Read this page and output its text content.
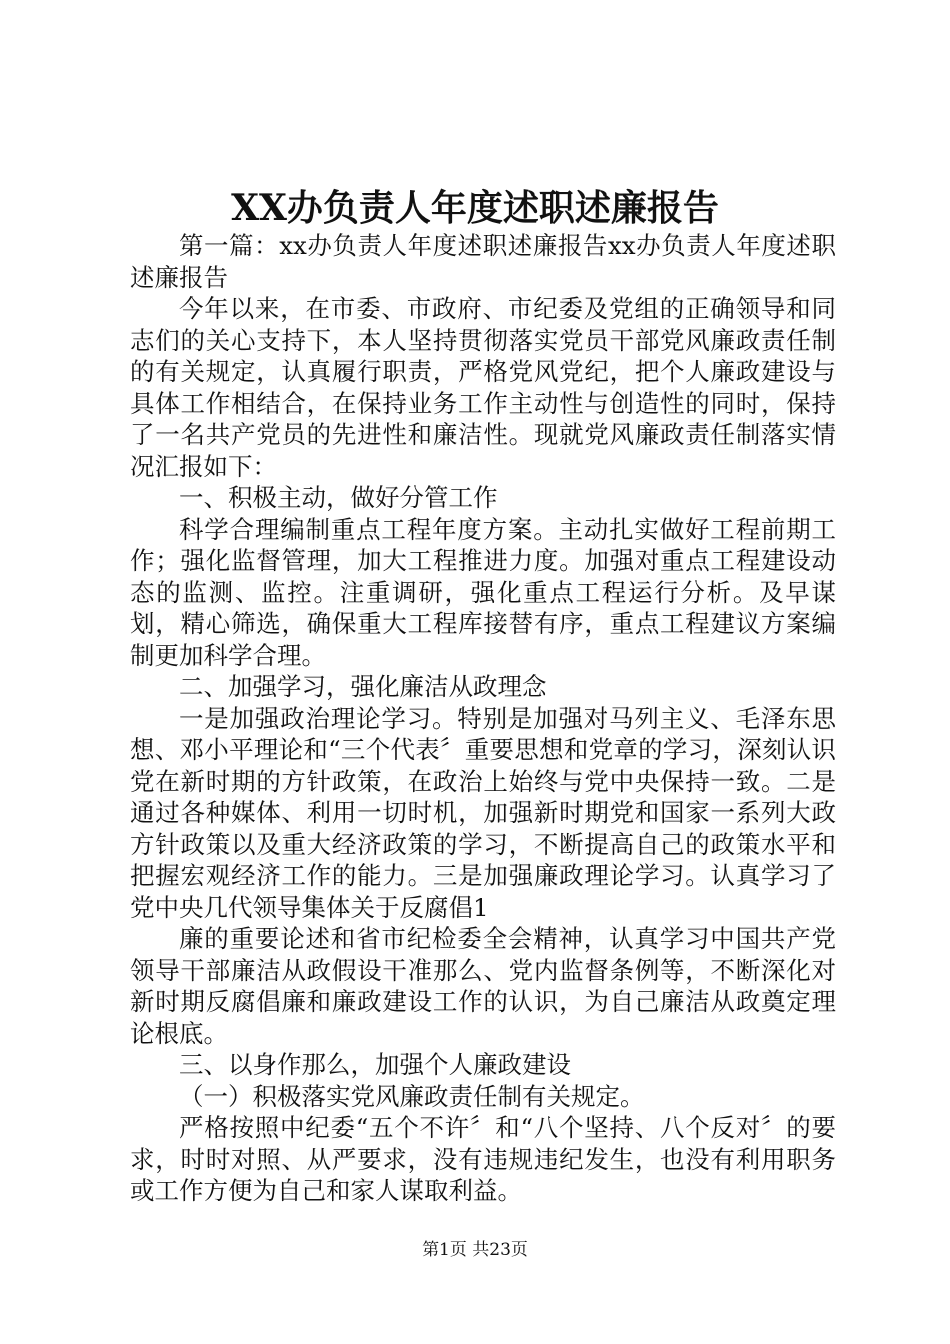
XX办负责人年度述职述廉报告

第一篇：xx办负责人年度述职述廉报告xx办负责人年度述职述廉报告

今年以来，在市委、市政府、市纪委及党组的正确领导和同志们的关心支持下，本人坚持贯彻落实党员干部党风廉政责任制的有关规定，认真履行职责，严格党风党纪，把个人廉政建设与具体工作相结合，在保持业务工作主动性与创造性的同时，保持了一名共产党员的先进性和廉洁性。现就党风廉政责任制落实情况汇报如下：

一、积极主动，做好分管工作

科学合理编制重点工程年度方案。主动扎实做好工程前期工作；强化监督管理，加大工程推进力度。加强对重点工程建设动态的监测、监控。注重调研，强化重点工程运行分析。及早谋划，精心筛选，确保重大工程库接替有序，重点工程建议方案编制更加科学合理。

二、加强学习，强化廉洁从政理念

一是加强政治理论学习。特别是加强对马列主义、毛泽东思想、邓小平理论和“三个代表〞重要思想和党章的学习，深刻认识党在新时期的方针政策，在政治上始终与党中央保持一致。二是通过各种媒体、利用一切时机，加强新时期党和国家一系列大政方针政策以及重大经济政策的学习，不断提高自己的政策水平和把握宏观经济工作的能力。三是加强廉政理论学习。认真学习了党中央几代领导集体关于反腐倡1

廉的重要论述和省市纪检委全会精神，认真学习中国共产党领导干部廉洁从政假设干准那么、党内监督条例等，不断深化对新时期反腐倡廉和廉政建设工作的认识，为自己廉洁从政奠定理论根底。

三、以身作那么，加强个人廉政建设

（一）积极落实党风廉政责任制有关规定。

严格按照中纪委“五个不许〞和“八个坚持、八个反对〞的要求，时时对照、从严要求，没有违规违纪发生，也没有利用职务或工作方便为自己和家人谋取利益。

第1页 共23页
